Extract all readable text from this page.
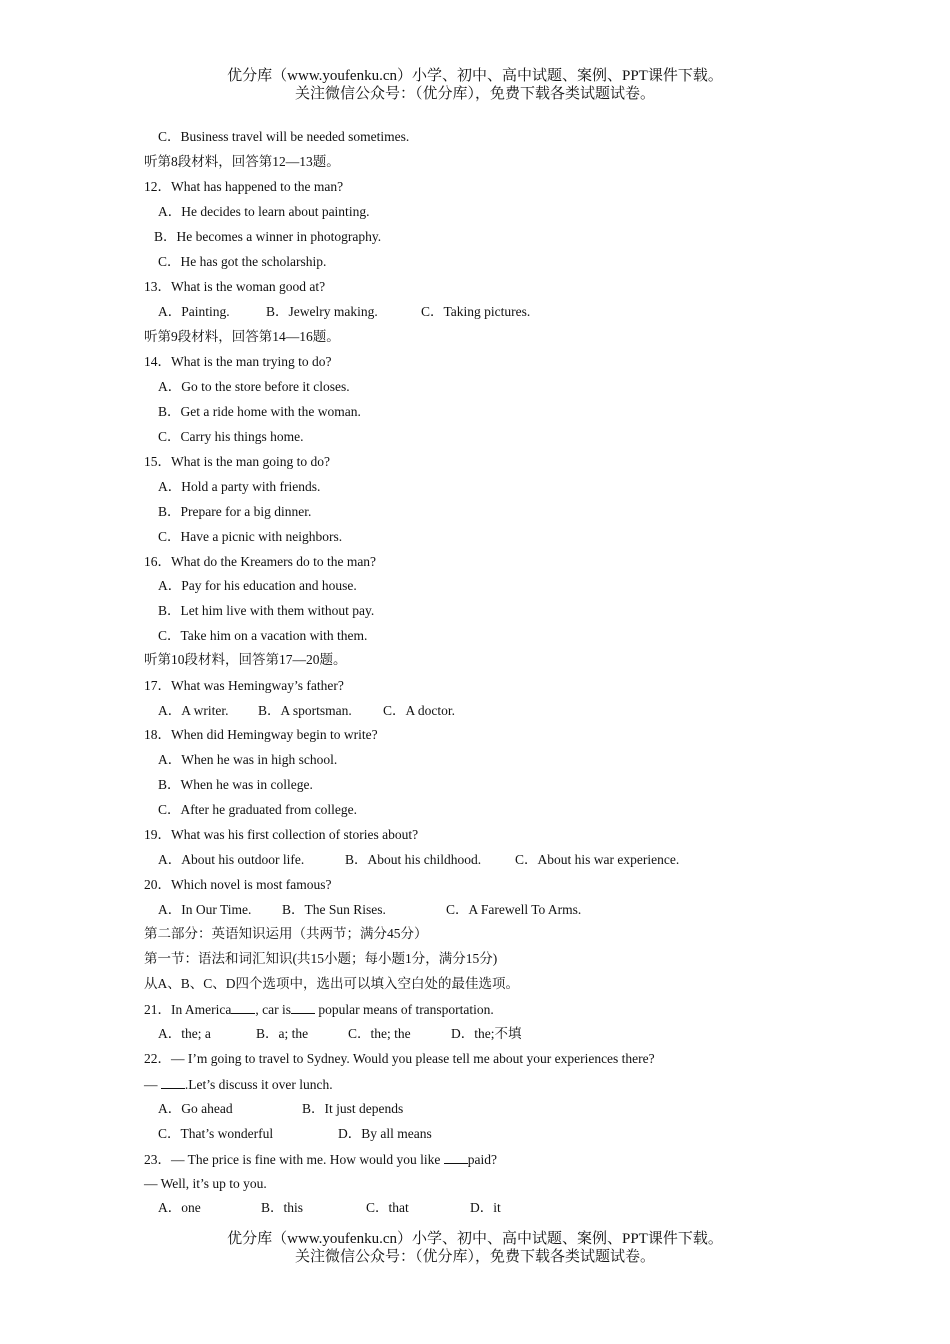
优分库（www.youfenku.cn）小学、初中、高中试题、案例、PPT课件下载。
关注微信公众号：（优分库），免费下载各类试题试卷。
C．Business travel will be needed sometimes.
听第8段材料，回答第12—13题。
12．What has happened to the man?
A．He decides to learn about painting.
B．He becomes a winner in photography.
C．He has got the scholarship.
13．What is the woman good at?
A．Painting.	B．Jewelry making.	C．Taking pictures.
听第9段材料，回答第14—16题。
14．What is the man trying to do?
A．Go to the store before it closes.
B．Get a ride home with the woman.
C．Carry his things home.
15．What is the man going to do?
A．Hold a party with friends.
B．Prepare for a big dinner.
C．Have a picnic with neighbors.
16．What do the Kreamers do to the man?
A．Pay for his education and house.
B．Let him live with them without pay.
C．Take him on a vacation with them.
听第10段材料，回答第17—20题。
17．What was Hemingway’s father?
A．A writer. B．A sportsman. C．A doctor.
18．When did Hemingway begin to write?
A．When he was in high school.
B．When he was in college.
C．After he graduated from college.
19．What was his first collection of stories about?
A．About his outdoor life.	B．About his childhood.	C．About his war experience.
20．Which novel is most famous?
A．In Our Time. B．The Sun Rises.	C．A Farewell To Arms.
第二部分：英语知识运用（共两节；满分45分）
第一节：语法和词汇知识(共15小题；每小题1分，满分15分)
从A、B、C、D四个选项中，选出可以填入空白处的最佳选项。
21．In America , car is popular means of transportation.
A．the; a	B．a; the	C．the; the	D．the;不填
22．— I’m going to travel to Sydney. Would you please tell me about your experiences there?
— .Let’s discuss it over lunch.
A．Go ahead	B．It just depends
C．That’s wonderful	D．By all means
23．— The price is fine with me. How would you like paid?
— Well, it’s up to you.
A．one	B．this	C．that	D．it
优分库（www.youfenku.cn）小学、初中、高中试题、案例、PPT课件下载。
关注微信公众号：（优分库），免费下载各类试题试卷。
